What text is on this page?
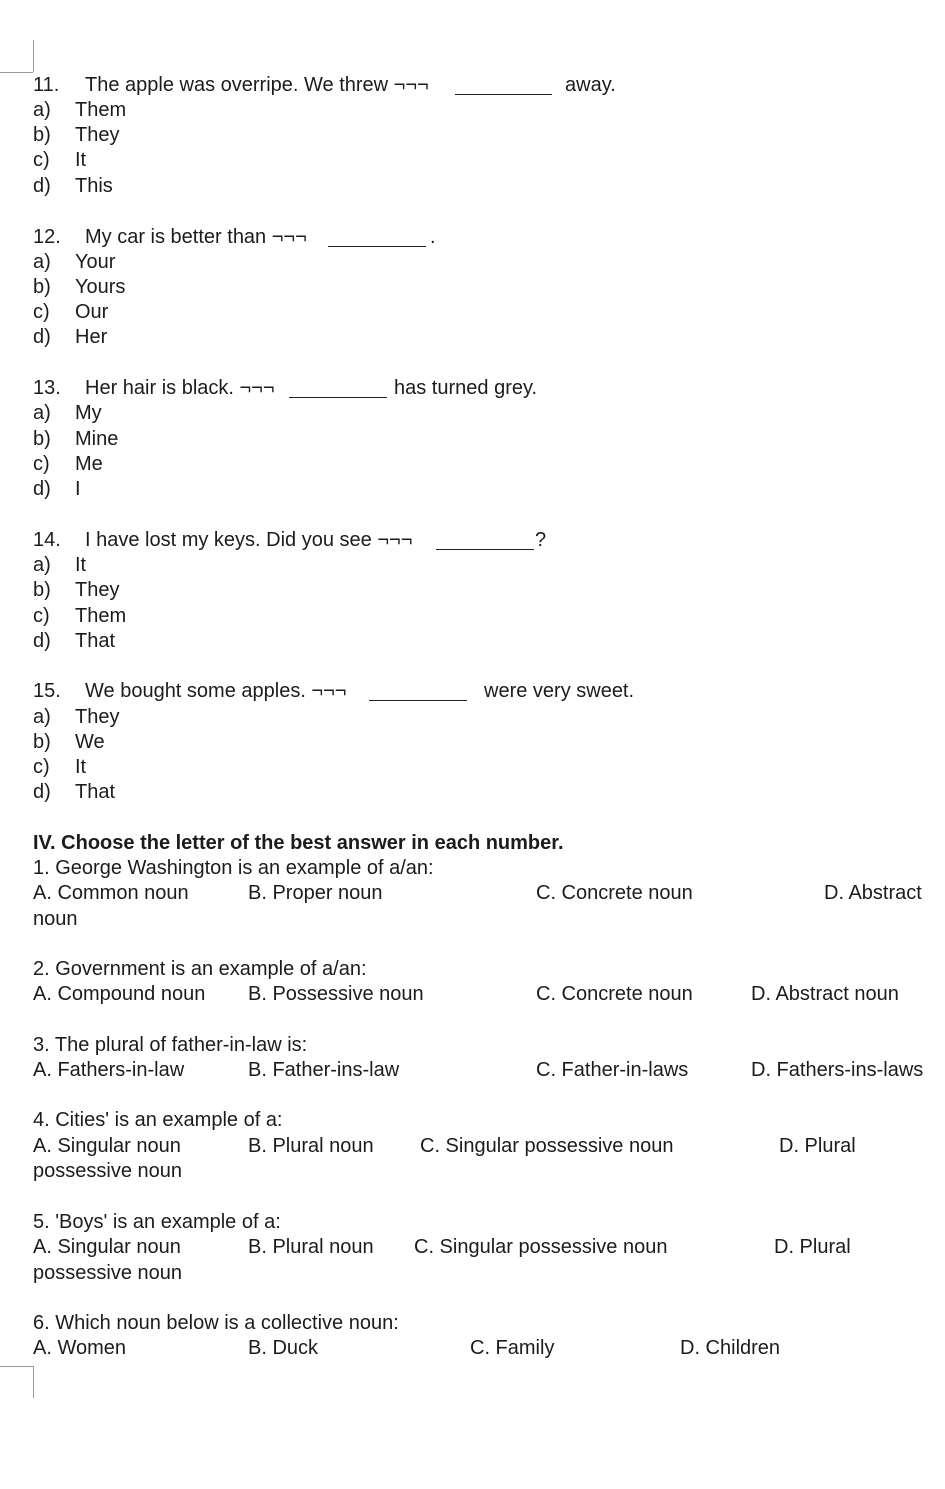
11. The apple was overripe. We threw ¬¬¬	away.
a) Them
b) They
c) It
d) This
12. My car is better than ¬¬¬	.
a) Your
b) Yours
c) Our
d) Her
13. Her hair is black. ¬¬¬	has turned grey.
a) My
b) Mine
c) Me
d) I
14. I have lost my keys. Did you see ¬¬¬	?
a) It
b) They
c) Them
d) That
15. We bought some apples. ¬¬¬	were very sweet.
a) They
b) We
c) It
d) That
IV. Choose the letter of the best answer in each number.
1. George Washington is an example of a/an:
A. Common noun	B. Proper noun	C. Concrete noun	D. Abstract
noun
2. Government is an example of a/an:
A. Compound noun B. Possessive noun	C. Concrete noun	D. Abstract noun
3. The plural of father-in-law is:
A. Fathers-in-law	B. Father-ins-law	C. Father-in-laws	D. Fathers-ins-laws
4. Cities' is an example of a:
A. Singular noun	B. Plural noun C. Singular possessive noun	D. Plural
possessive noun
5. 'Boys' is an example of a:
A. Singular noun	B. Plural noun C. Singular possessive noun	D. Plural
possessive noun
6. Which noun below is a collective noun:
A. Women	B. Duck	C. Family	D. Children
